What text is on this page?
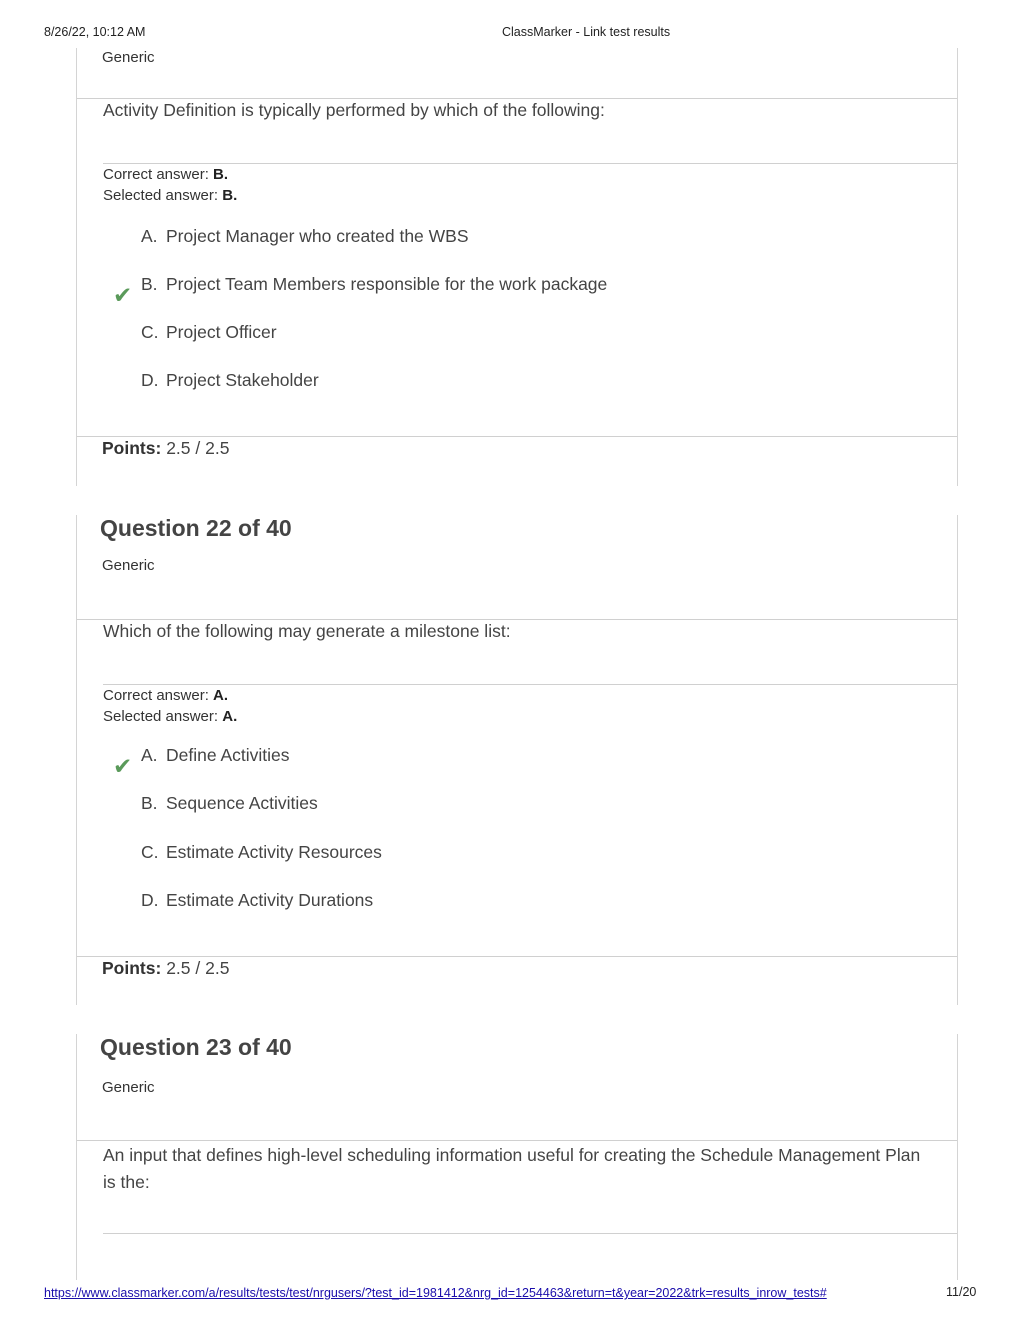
8/26/22, 10:12 AM	ClassMarker - Link test results
Generic
Activity Definition is typically performed by which of the following:
Correct answer: B.
Selected answer: B.
A. Project Manager who created the WBS
✔ B. Project Team Members responsible for the work package
C. Project Officer
D. Project Stakeholder
Points: 2.5 / 2.5
Question 22 of 40
Generic
Which of the following may generate a milestone list:
Correct answer: A.
Selected answer: A.
✔ A. Define Activities
B. Sequence Activities
C. Estimate Activity Resources
D. Estimate Activity Durations
Points: 2.5 / 2.5
Question 23 of 40
Generic
An input that defines high-level scheduling information useful for creating the Schedule Management Plan is the:
https://www.classmarker.com/a/results/tests/test/nrgusers/?test_id=1981412&nrg_id=1254463&return=t&year=2022&trk=results_inrow_tests#	11/20
